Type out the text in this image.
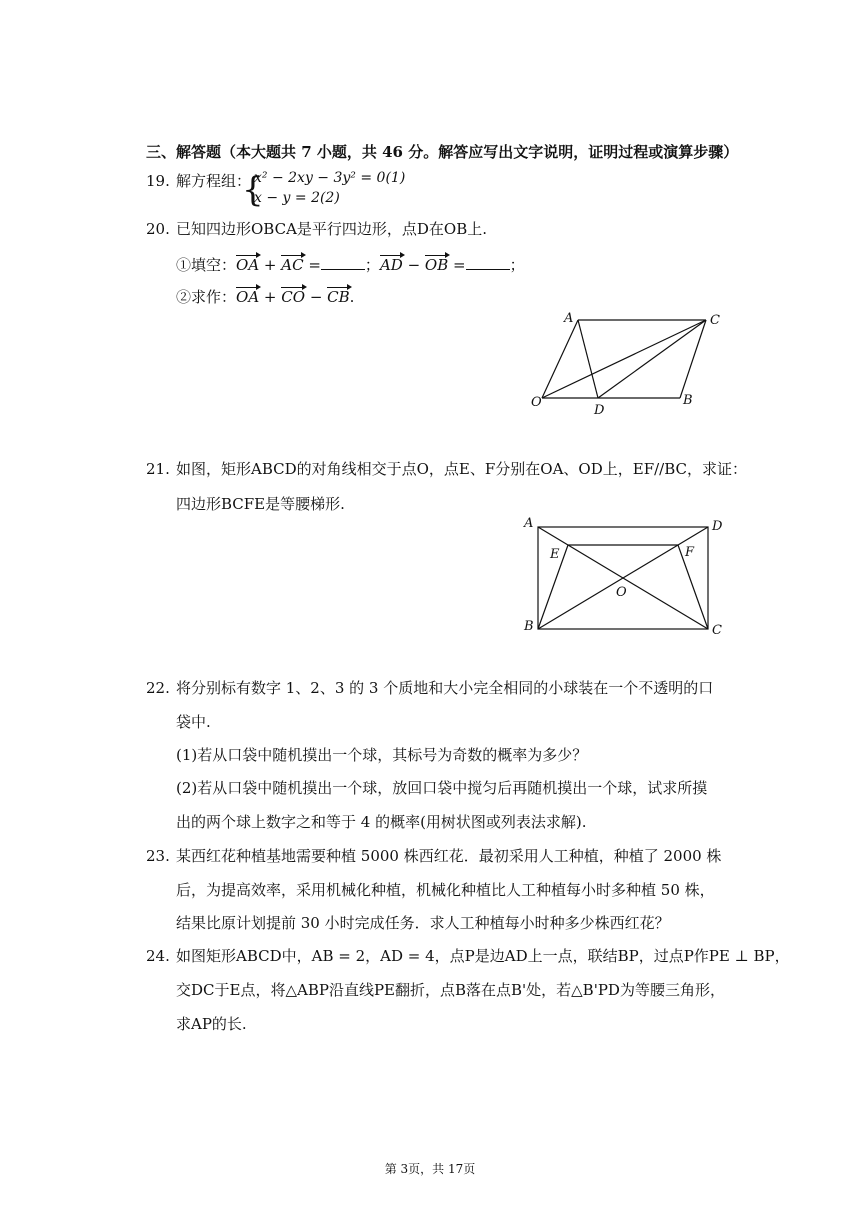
三、解答题（本大题共 7 小题，共 46 分。解答应写出文字说明，证明过程或演算步骤）
19. 解方程组：
{
x² − 2xy − 3y² = 0(1)
x − y = 2(2)
20. 已知四边形OBCA是平行四边形，点D在OB上.
①填空：OA + AC =	；AD − OB =	；
②求作：OA + CO − CB.
A	C
O
D
B
21. 如图，矩形ABCD的对角线相交于点O，点E、F分别在OA、OD上，EF//BC，求证：
四边形BCFE是等腰梯形.
A	D
E	F
O
B	C
22. 将分别标有数字 1、2、3 的 3 个质地和大小完全相同的小球装在一个不透明的口
袋中.
(1)若从口袋中随机摸出一个球，其标号为奇数的概率为多少？
(2)若从口袋中随机摸出一个球，放回口袋中搅匀后再随机摸出一个球，试求所摸
出的两个球上数字之和等于 4 的概率(用树状图或列表法求解).
23. 某西红花种植基地需要种植 5000 株西红花．最初采用人工种植，种植了 2000 株
后，为提高效率，采用机械化种植，机械化种植比人工种植每小时多种植 50 株，
结果比原计划提前 30 小时完成任务．求人工种植每小时种多少株西红花？
24. 如图矩形ABCD中，AB = 2，AD = 4，点P是边AD上一点，联结BP，过点P作PE ⊥ BP，
交DC于E点，将△ABP沿直线PE翻折，点B落在点B'处，若△B'PD为等腰三角形，
求AP的长.
第 3页，共 17页
